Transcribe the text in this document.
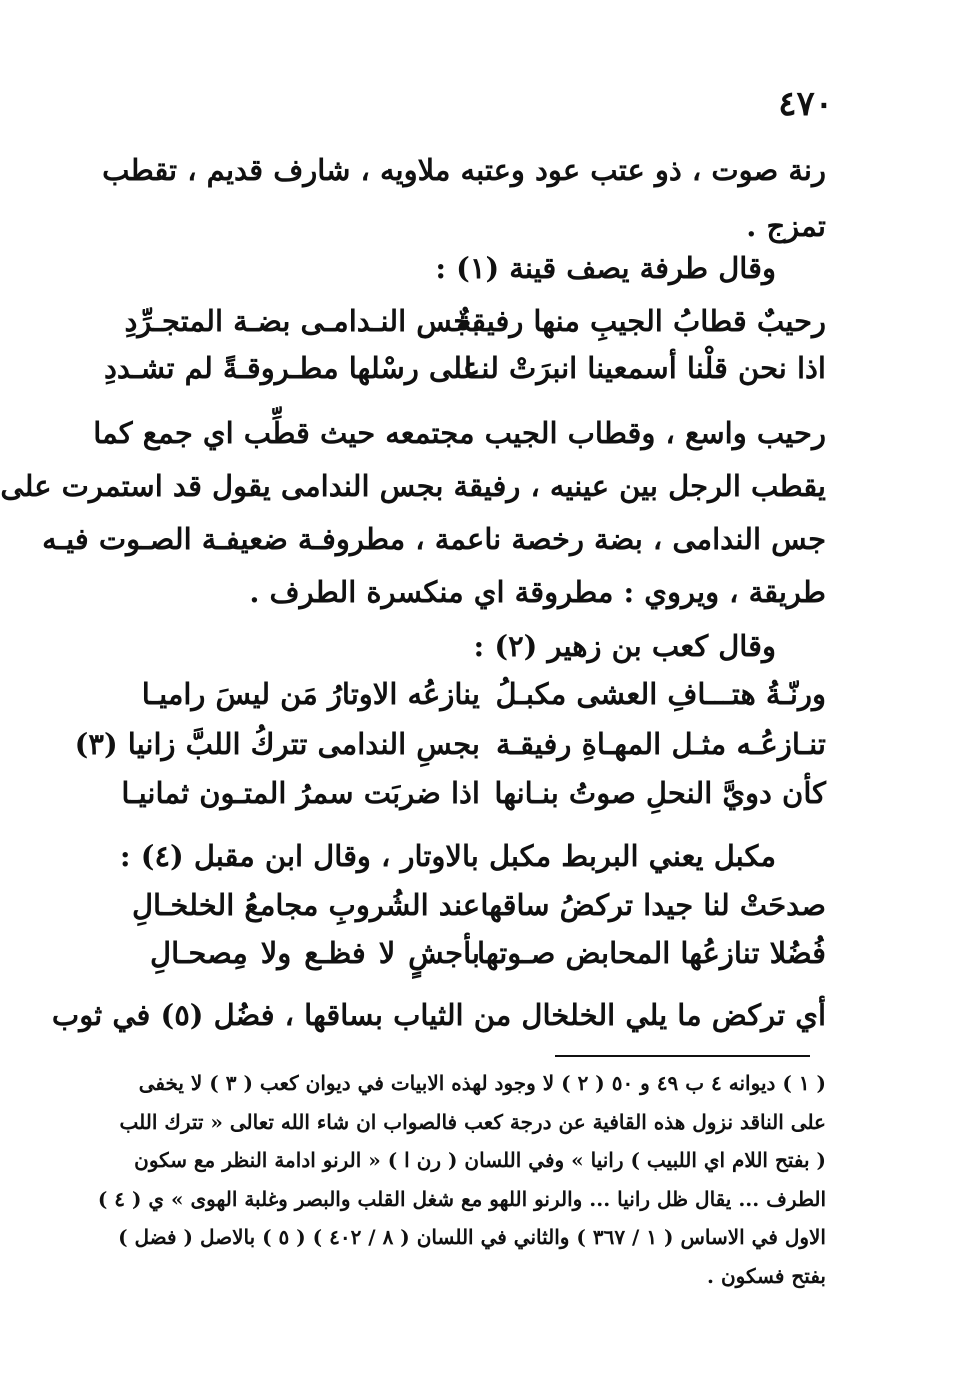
٤٧٠
رنة صوت ، ذو عتب عود وعتبه ملاويه ، شارف قديم ، تقطب
تمزج .
وقال طرفة يصف قينة (١) :
رحيبٌ قطابُ الجيبِ منها رفيقةٌ
بجس النـدامـى بضـة المتجـرِّدِ
اذا نحن قلْنا أسمعينا انبرَتْ لنـا
على رسْلها مطـروقـةً لم تشـددِ
رحيب واسع ، وقطاب الجيب مجتمعه حيث قطِّب اي جمع كما
يقطب الرجل بين عينيه ، رفيقة بجس الندامى يقول قد استمرت على
جس الندامى ، بضة رخصة ناعمة ، مطروفـة ضعيفـة الصـوت فيـه
طريقة ، ويروي : مطروقة اي منكسرة الطرف .
وقال كعب بن زهير (٢) :
ورنّـةُ هتـــافِ العشى مكبـلُ
ينازعُه الاوتارُ مَن ليسَ راميـا
تنـازعُـه مثـل المهـاةِ رفيقـة
بجسِ الندامى تتركُ اللبَّ زانيا (٣)
كأن دويَّ النحلِ صوتُ بنـانها
اذا ضربَت سمرُ المتـون ثمانيـا
مكبل يعني البربط مكبل بالاوتار ، وقال ابن مقبل (٤) :
صدحَتْ لنا جيدا تركضُ ساقها
عند الشُروبِ مجامعُ الخلخـالِ
فُضُلا تنازعُها المحابض صـوتها
بأجشٍ لا فظـع ولا مِصحـالِ
أي تركض ما يلي الخلخال من الثياب بساقها ، فضُل (٥) في ثوب
( ١ ) ديوانه ٤ ب ٤٩ و ٥٠ ( ٢ ) لا وجود لهذه الابيات في ديوان كعب ( ٣ ) لا يخفى
على الناقد نزول هذه القافية عن درجة كعب فالصواب ان شاء الله تعالى « تترك اللب
( بفتح اللام اي اللبيب ) رانيا » وفي اللسان ( رن ا ) « الرنو ادامة النظر مع سكون
الطرف ... يقال ظل رانيا ... والرنو اللهو مع شغل القلب والبصر وغلبة الهوى » ي ( ٤ )
الاول في الاساس ( ١ / ٣٦٧ ) والثاني في اللسان ( ٨ / ٤٠٢ ) ( ٥ ) بالاصل ( فضل )
بفتح فسكون .
